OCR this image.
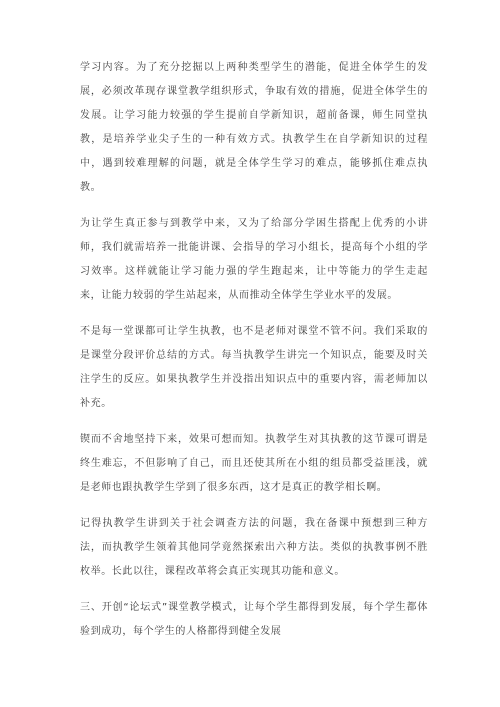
学习内容。为了充分挖掘以上两种类型学生的潜能，促进全体学生的发展，必须改革现存课堂教学组织形式，争取有效的措施，促进全体学生的发展。让学习能力较强的学生提前自学新知识，超前备课，师生同堂执教，是培养学业尖子生的一种有效方式。执教学生在自学新知识的过程中，遇到较难理解的问题，就是全体学生学习的难点，能够抓住难点执教。

为让学生真正参与到教学中来，又为了给部分学困生搭配上优秀的小讲师，我们就需培养一批能讲课、会指导的学习小组长，提高每个小组的学习效率。这样就能让学习能力强的学生跑起来，让中等能力的学生走起来，让能力较弱的学生站起来，从而推动全体学生学业水平的发展。

不是每一堂课都可让学生执教，也不是老师对课堂不管不问。我们采取的是课堂分段评价总结的方式。每当执教学生讲完一个知识点，能要及时关注学生的反应。如果执教学生并没指出知识点中的重要内容，需老师加以补充。

锲而不舍地坚持下来，效果可想而知。执教学生对其执教的这节课可谓是终生难忘，不但影响了自己，而且还使其所在小组的组员都受益匪浅，就是老师也跟执教学生学到了很多东西，这才是真正的教学相长啊。

记得执教学生讲到关于社会调查方法的问题，我在备课中预想到三种方法，而执教学生领着其他同学竟然探索出六种方法。类似的执教事例不胜枚举。长此以往，课程改革将会真正实现其功能和意义。

三、开创“论坛式”课堂教学模式，让每个学生都得到发展，每个学生都体验到成功，每个学生的人格都得到健全发展
